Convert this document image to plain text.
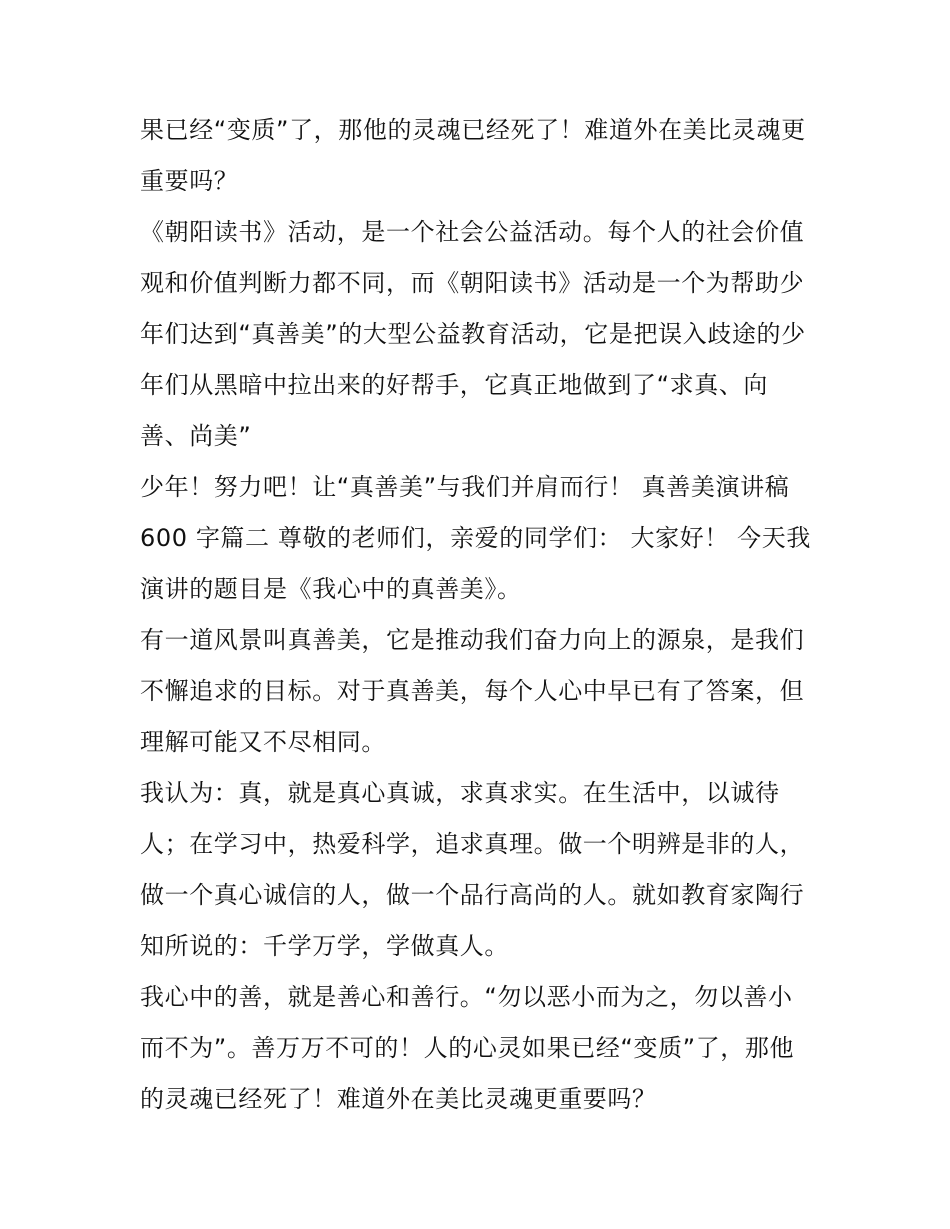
果已经“变质”了，那他的灵魂已经死了！难道外在美比灵魂更
重要吗？
《朝阳读书》活动，是一个社会公益活动。每个人的社会价值
观和价值判断力都不同，而《朝阳读书》活动是一个为帮助少
年们达到“真善美”的大型公益教育活动，它是把误入歧途的少
年们从黑暗中拉出来的好帮手，它真正地做到了“求真、向
善、尚美”
少年！努力吧！让“真善美”与我们并肩而行！ 真善美演讲稿
600 字篇二 尊敬的老师们，亲爱的同学们： 大家好！ 今天我
演讲的题目是《我心中的真善美》。
有一道风景叫真善美，它是推动我们奋力向上的源泉，是我们
不懈追求的目标。对于真善美，每个人心中早已有了答案，但
理解可能又不尽相同。
我认为：真，就是真心真诚，求真求实。在生活中，以诚待
人；在学习中，热爱科学，追求真理。做一个明辨是非的人，
做一个真心诚信的人，做一个品行高尚的人。就如教育家陶行
知所说的：千学万学，学做真人。
我心中的善，就是善心和善行。“勿以恶小而为之，勿以善小
而不为”。善万万不可的！人的心灵如果已经“变质”了，那他
的灵魂已经死了！难道外在美比灵魂更重要吗？
